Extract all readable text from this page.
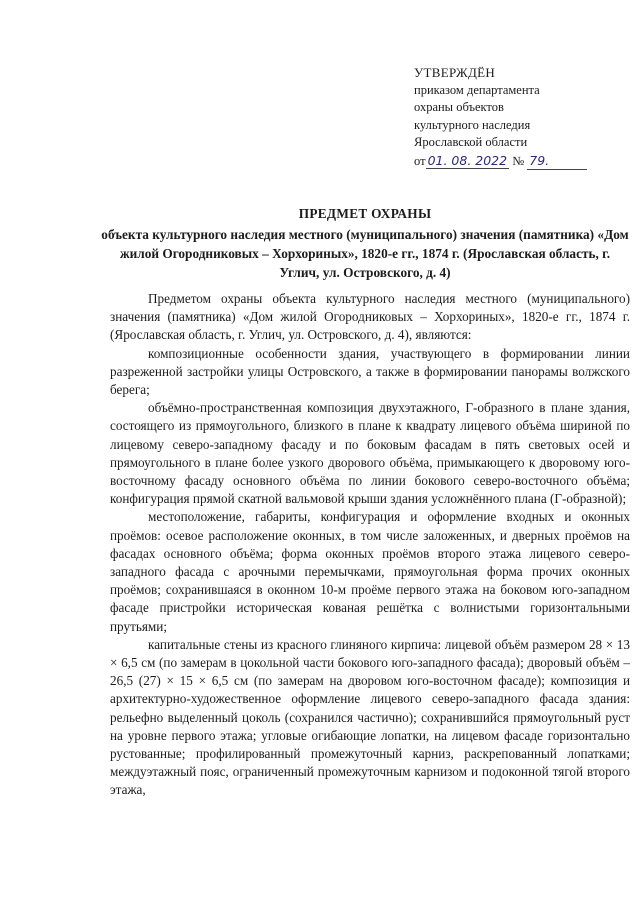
УТВЕРЖДЁН
приказом департамента
охраны объектов
культурного наследия
Ярославской области
от 01. 08. 2022 № 79.
ПРЕДМЕТ ОХРАНЫ
объекта культурного наследия местного (муниципального) значения (памятника) «Дом жилой Огородниковых – Хорхориных», 1820-е гг., 1874 г. (Ярославская область, г. Углич, ул. Островского, д. 4)

Предметом охраны объекта культурного наследия местного (муниципального) значения (памятника) «Дом жилой Огородниковых – Хорхориных», 1820-е гг., 1874 г. (Ярославская область, г. Углич, ул. Островского, д. 4), являются:

композиционные особенности здания, участвующего в формировании линии разреженной застройки улицы Островского, а также в формировании панорамы волжского берега;

объёмно-пространственная композиция двухэтажного, Г-образного в плане здания, состоящего из прямоугольного, близкого в плане к квадрату лицевого объёма шириной по лицевому северо-западному фасаду и по боковым фасадам в пять световых осей и прямоугольного в плане более узкого дворового объёма, примыкающего к дворовому юго-восточному фасаду основного объёма по линии бокового северо-восточного объёма; конфигурация прямой скатной вальмовой крыши здания усложнённого плана (Г-образной);

местоположение, габариты, конфигурация и оформление входных и оконных проёмов: осевое расположение оконных, в том числе заложенных, и дверных проёмов на фасадах основного объёма; форма оконных проёмов второго этажа лицевого северо-западного фасада с арочными перемычками, прямоугольная форма прочих оконных проёмов; сохранившаяся в оконном 10-м проёме первого этажа на боковом юго-западном фасаде пристройки историческая кованая решётка с волнистыми горизонтальными прутьями;

капитальные стены из красного глиняного кирпича: лицевой объём размером 28 × 13 × 6,5 см (по замерам в цокольной части бокового юго-западного фасада); дворовый объём – 26,5 (27) × 15 × 6,5 см (по замерам на дворовом юго-восточном фасаде); композиция и архитектурно-художественное оформление лицевого северо-западного фасада здания: рельефно выделенный цоколь (сохранился частично); сохранившийся прямоугольный руст на уровне первого этажа; угловые огибающие лопатки, на лицевом фасаде горизонтально рустованные; профилированный промежуточный карниз, раскрепованный лопатками; междуэтажный пояс, ограниченный промежуточным карнизом и подоконной тягой второго этажа,
